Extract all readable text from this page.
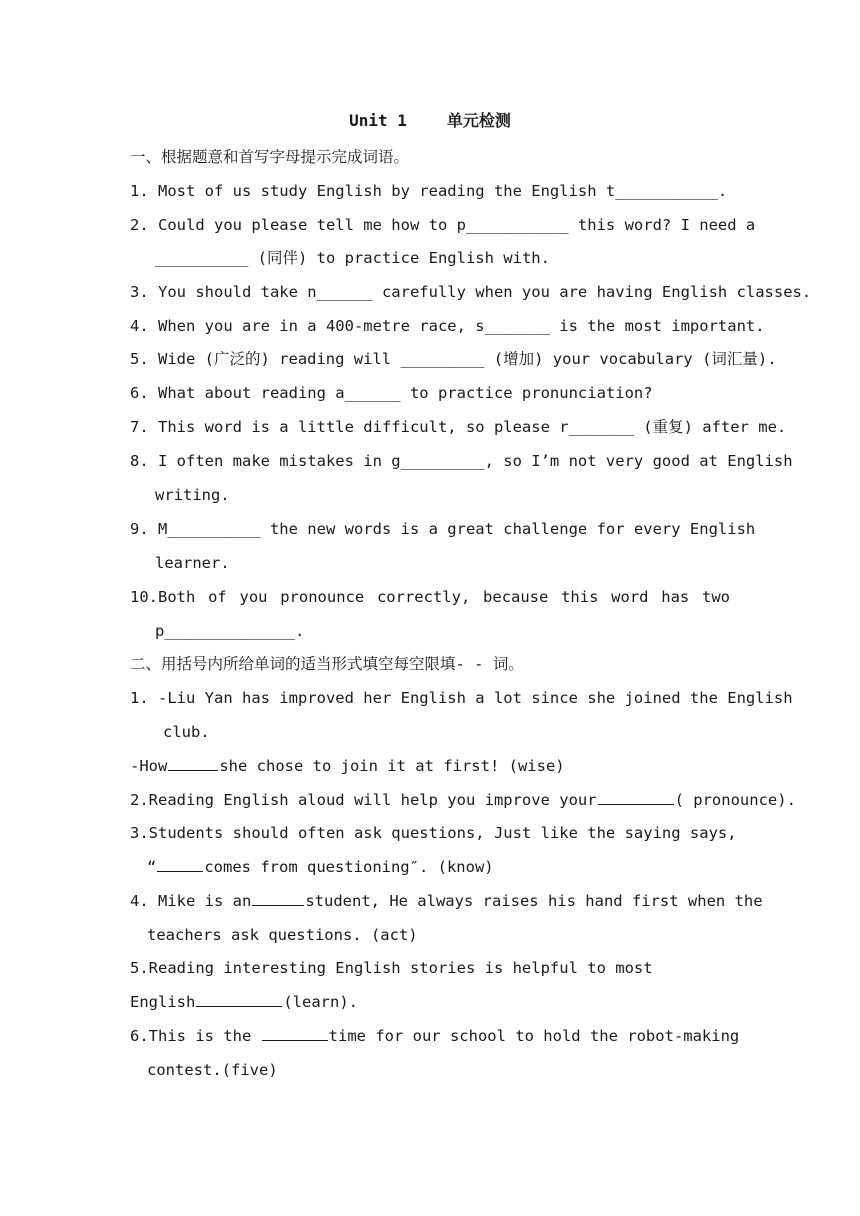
Unit 1	单元检测
一、根据题意和首写字母提示完成词语。
1. Most of us study English by reading the English t___________.
2. Could you please tell me how to p___________ this word? I need a
__________ (同伴) to practice English with.
3. You should take n______ carefully when you are having English classes.
4. When you are in a 400-metre race, s_______ is the most important.
5. Wide (广泛的) reading will _________ (增加) your vocabulary (词汇量).
6. What about reading a______ to practice pronunciation?
7. This word is a little difficult, so please r_______ (重复) after me.
8. I often make mistakes in g_________, so I’m not very good at English
writing.
9. M__________ the new words is a great challenge for every English
learner.
10.Both of you pronounce correctly, because this word has two
p______________.
二、用括号内所给单词的适当形式填空每空限填- - 词。
1. -Liu Yan has improved her English a lot since she joined the English
club.
-How	she chose to join it at first! (wise)
2.Reading English aloud will help you improve your	( pronounce).
3.Students should often ask questions, Just like the saying says,
“	comes from questioning″. (know)
4. Mike is an	student, He always raises his hand first when the
teachers ask questions. (act)
5.Reading interesting English stories is helpful to most
English	(learn).
6.This is the	time for our school to hold the robot-making
contest.(five)
